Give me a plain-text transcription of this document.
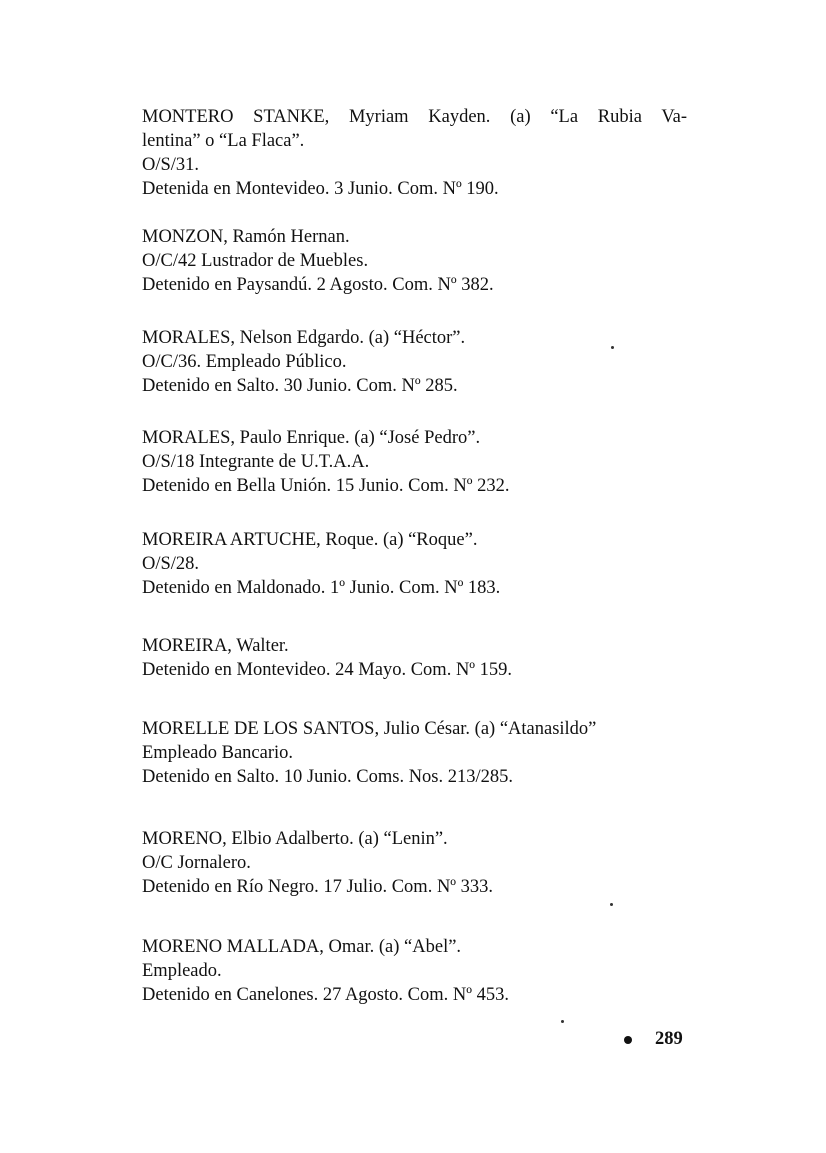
MONTERO STANKE, Myriam Kayden. (a) “La Rubia Va-
lentina” o “La Flaca”.
O/S/31.
Detenida en Montevideo. 3 Junio. Com. Nº 190.
MONZON, Ramón Hernan.
O/C/42 Lustrador de Muebles.
Detenido en Paysandú. 2 Agosto. Com. Nº 382.
MORALES, Nelson Edgardo. (a) “Héctor”.
O/C/36. Empleado Público.
Detenido en Salto. 30 Junio. Com. Nº 285.
MORALES, Paulo Enrique. (a) “José Pedro”.
O/S/18 Integrante de U.T.A.A.
Detenido en Bella Unión. 15 Junio. Com. Nº 232.
MOREIRA ARTUCHE, Roque. (a) “Roque”.
O/S/28.
Detenido en Maldonado. 1º Junio. Com. Nº 183.
MOREIRA, Walter.
Detenido en Montevideo. 24 Mayo. Com. Nº 159.
MORELLE DE LOS SANTOS, Julio César. (a) “Atanasildo”
Empleado Bancario.
Detenido en Salto. 10 Junio. Coms. Nos. 213/285.
MORENO, Elbio Adalberto. (a) “Lenin”.
O/C Jornalero.
Detenido en Río Negro. 17 Julio. Com. Nº 333.
MORENO MALLADA, Omar. (a) “Abel”.
Empleado.
Detenido en Canelones. 27 Agosto. Com. Nº 453.
289
